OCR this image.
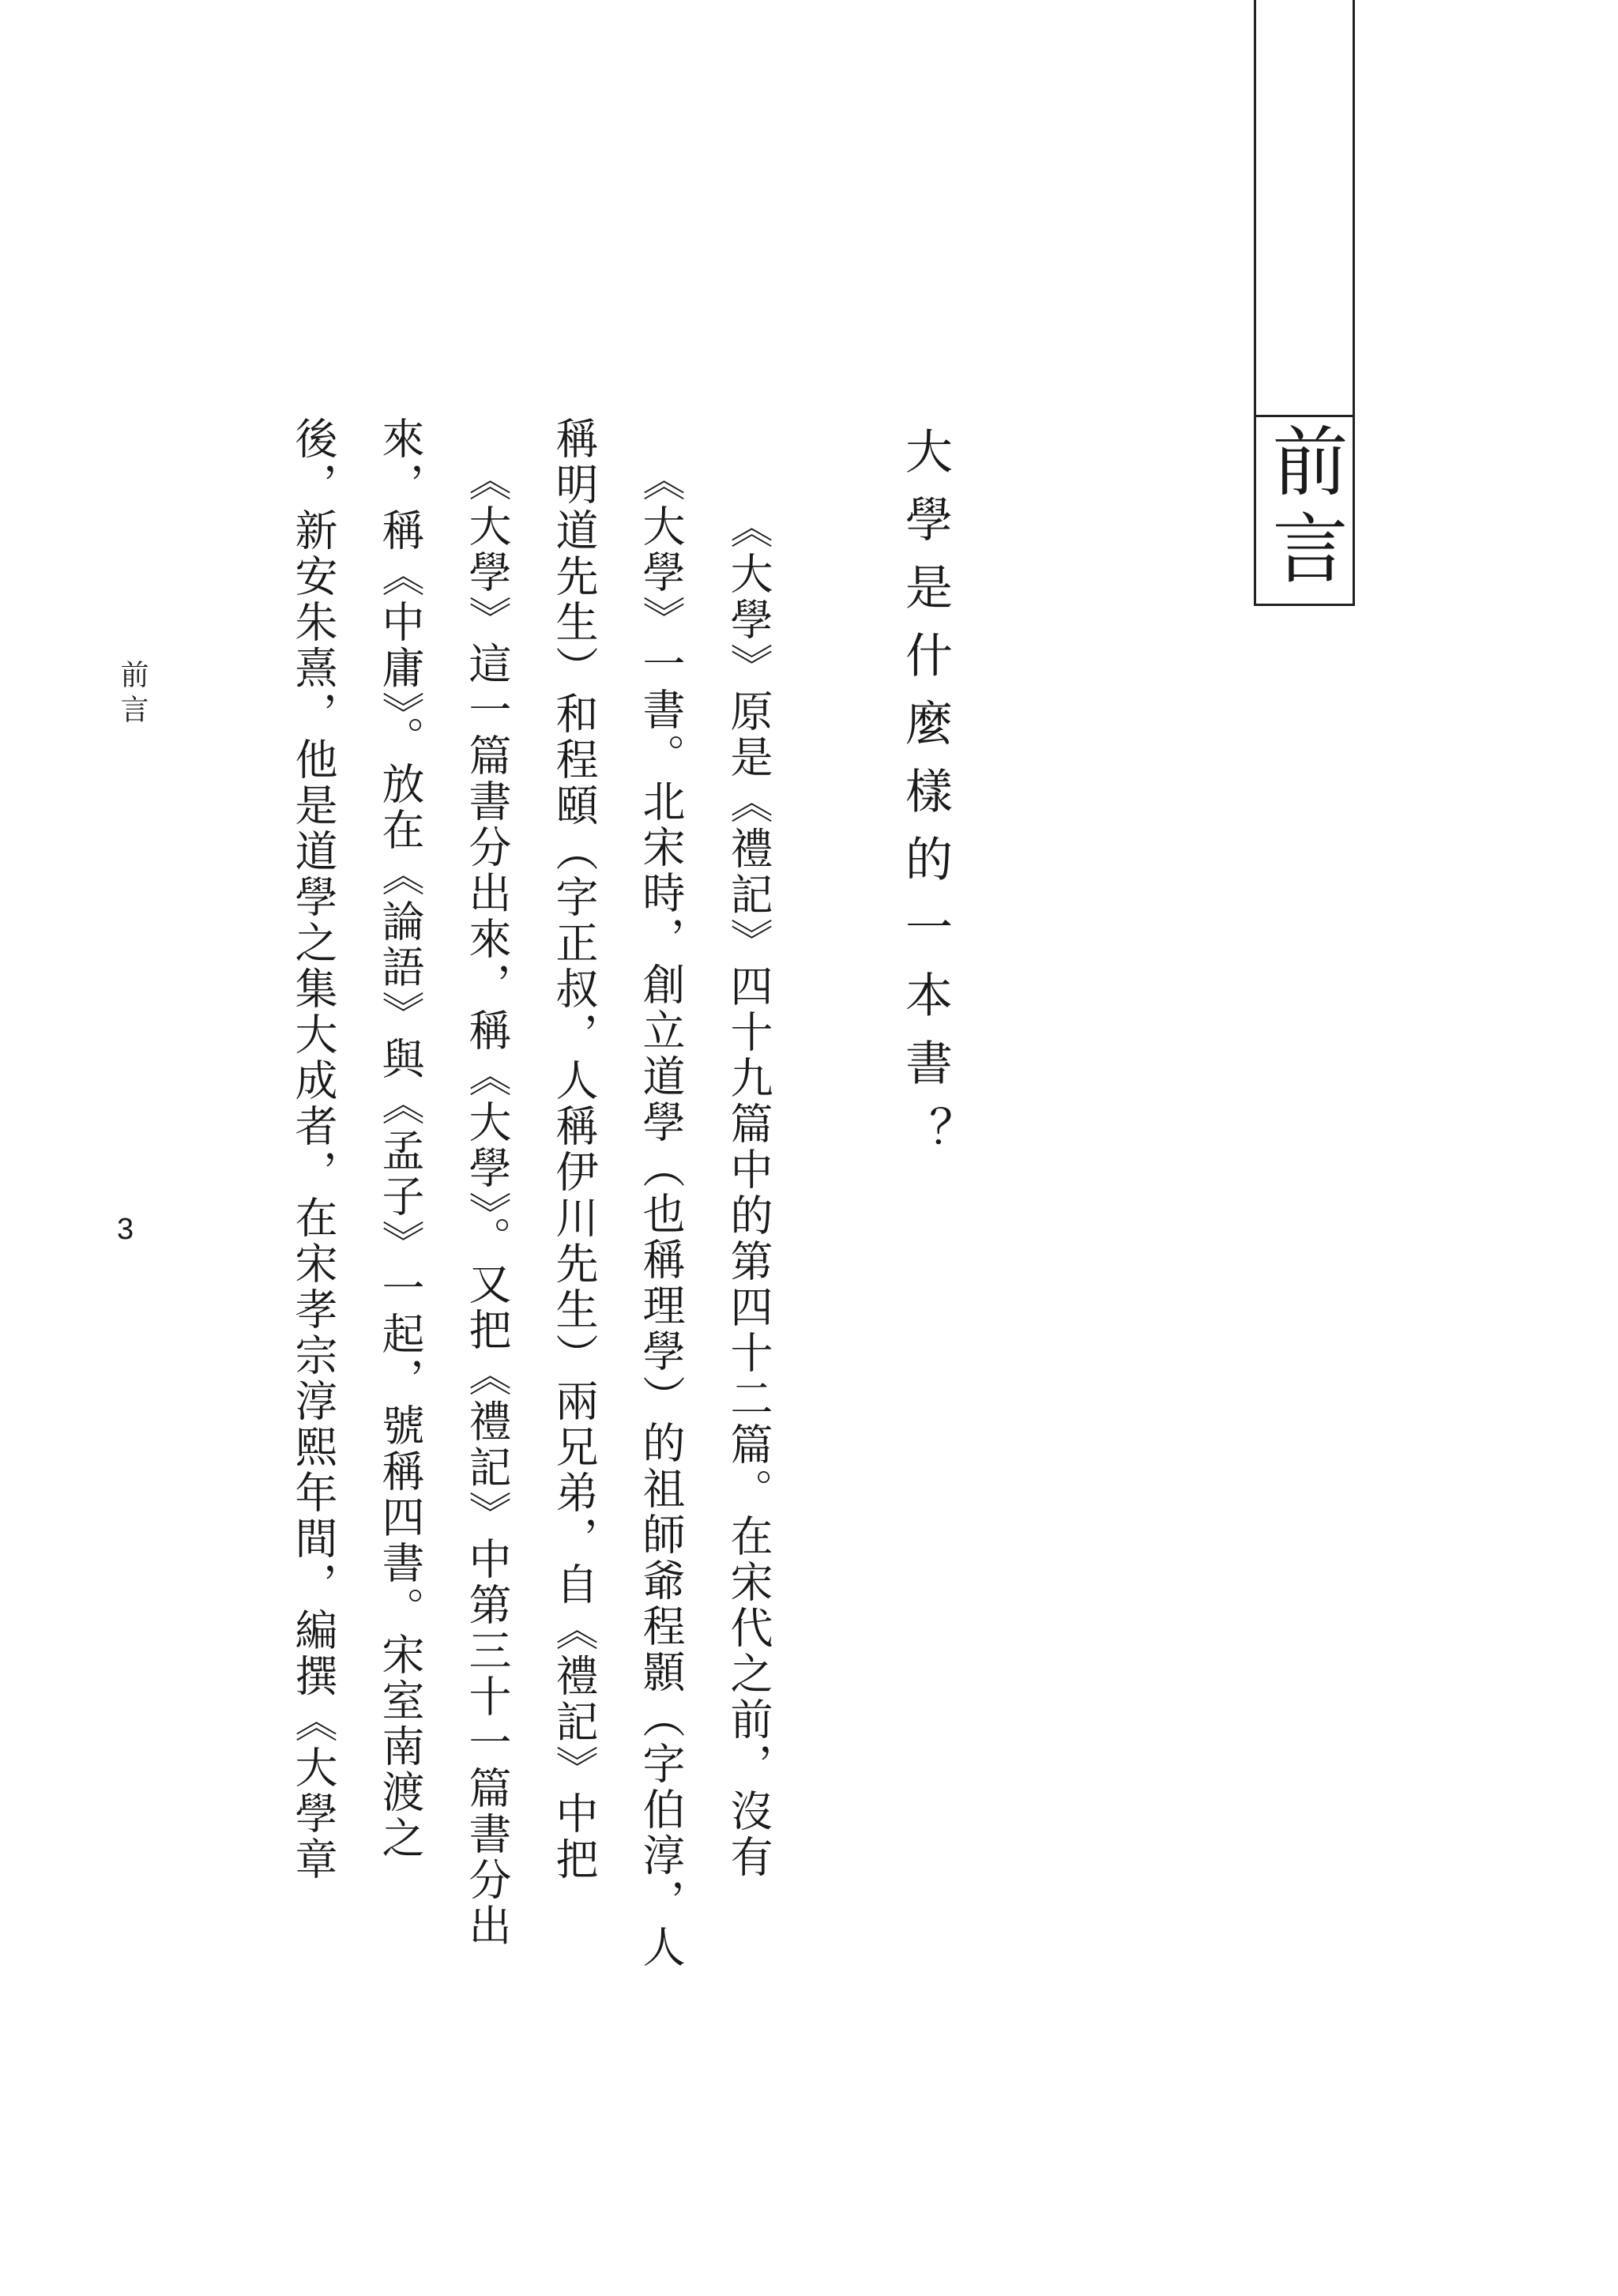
前言
大學是什麼樣的一本書？
《大學》原是《禮記》四十九篇中的第四十二篇。在宋代之前，沒有
《大學》一書。北宋時，創立道學（也稱理學）的祖師爺程顥（字伯淳，人
稱明道先生）和程頤（字正叔，人稱伊川先生）兩兄弟，自《禮記》中把
《大學》這一篇書分出來，稱《大學》。又把《禮記》中第三十一篇書分出
來，稱《中庸》。放在《論語》與《孟子》一起，號稱四書。宋室南渡之
後，新安朱熹，他是道學之集大成者，在宋孝宗淳熙年間，編撰《大學章
前言
3
